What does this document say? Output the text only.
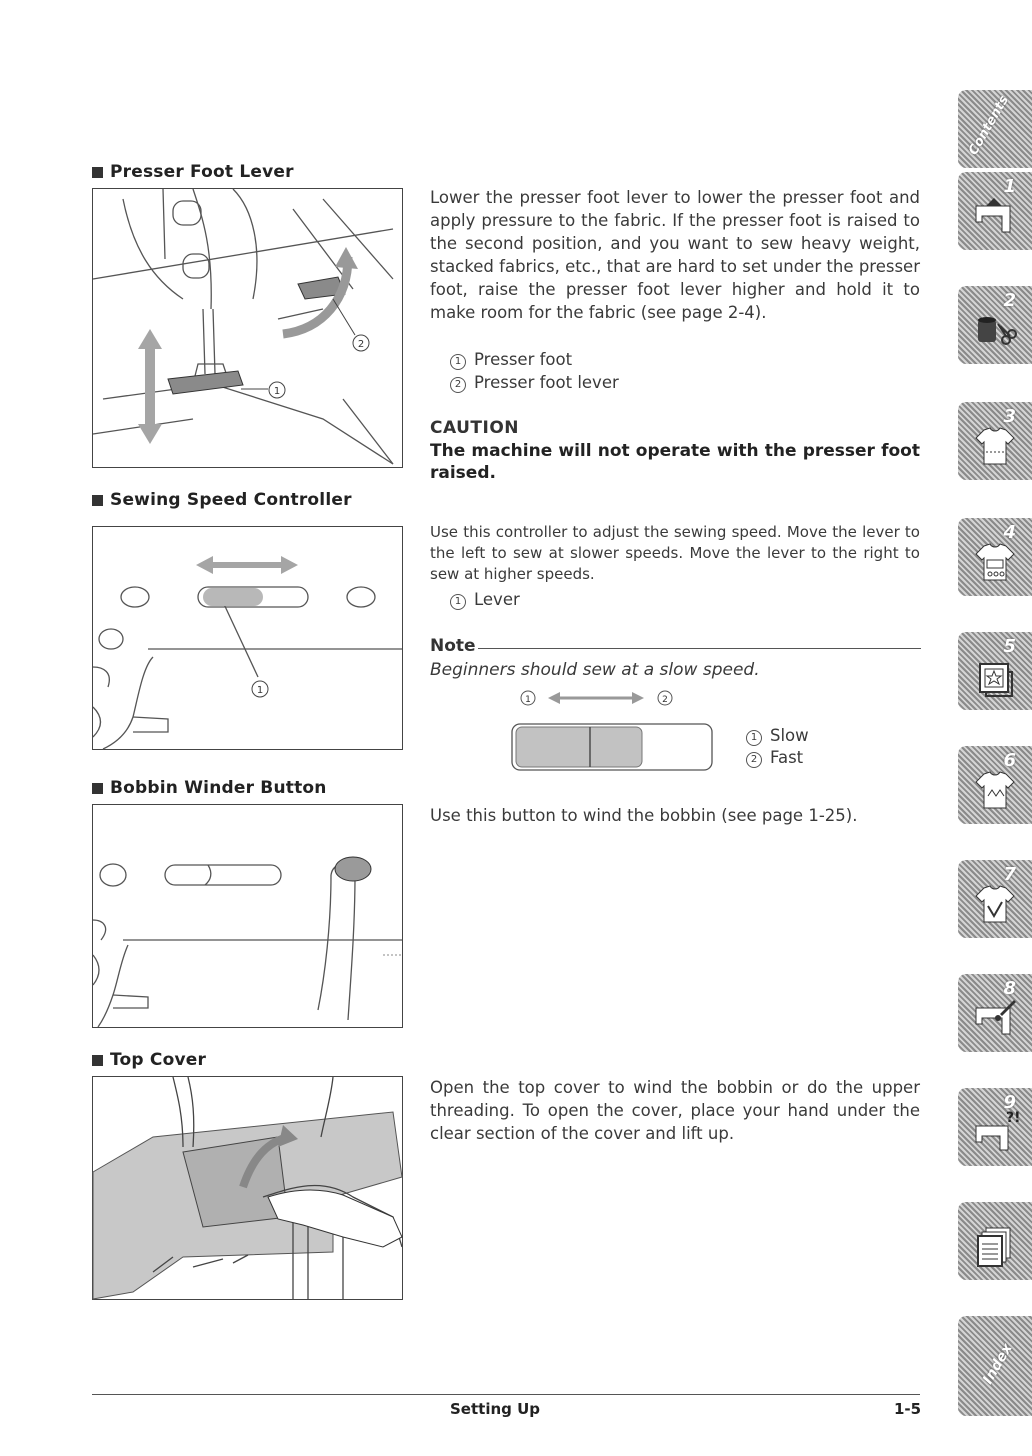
Presser Foot Lever
1
2
Lower the presser foot lever to lower the presser foot and apply pressure to the fabric. If the presser foot is raised to the second position, and you want to sew heavy weight, stacked fabrics, etc., that are hard to set under the presser foot, raise the presser foot lever higher and hold it to make room for the fabric (see page 2-4).
1 Presser foot
2 Presser foot lever
CAUTION
The machine will not operate with the presser foot raised.
Sewing Speed Controller
1
Use this controller to adjust the sewing speed. Move the lever to the left to sew at slower speeds. Move the lever to the right to sew at higher speeds.
1 Lever
Note
Beginners should sew at a slow speed.
1	2
1 Slow
2 Fast
Bobbin Winder Button
Use this button to wind the bobbin (see page 1-25).
Top Cover
Open the top cover to wind the bobbin or do the upper threading. To open the cover, place your hand under the clear section of the cover and lift up.
Setting Up	1-5
Contents
1
2
3
4
5
6
7
8
9
?!
Index
